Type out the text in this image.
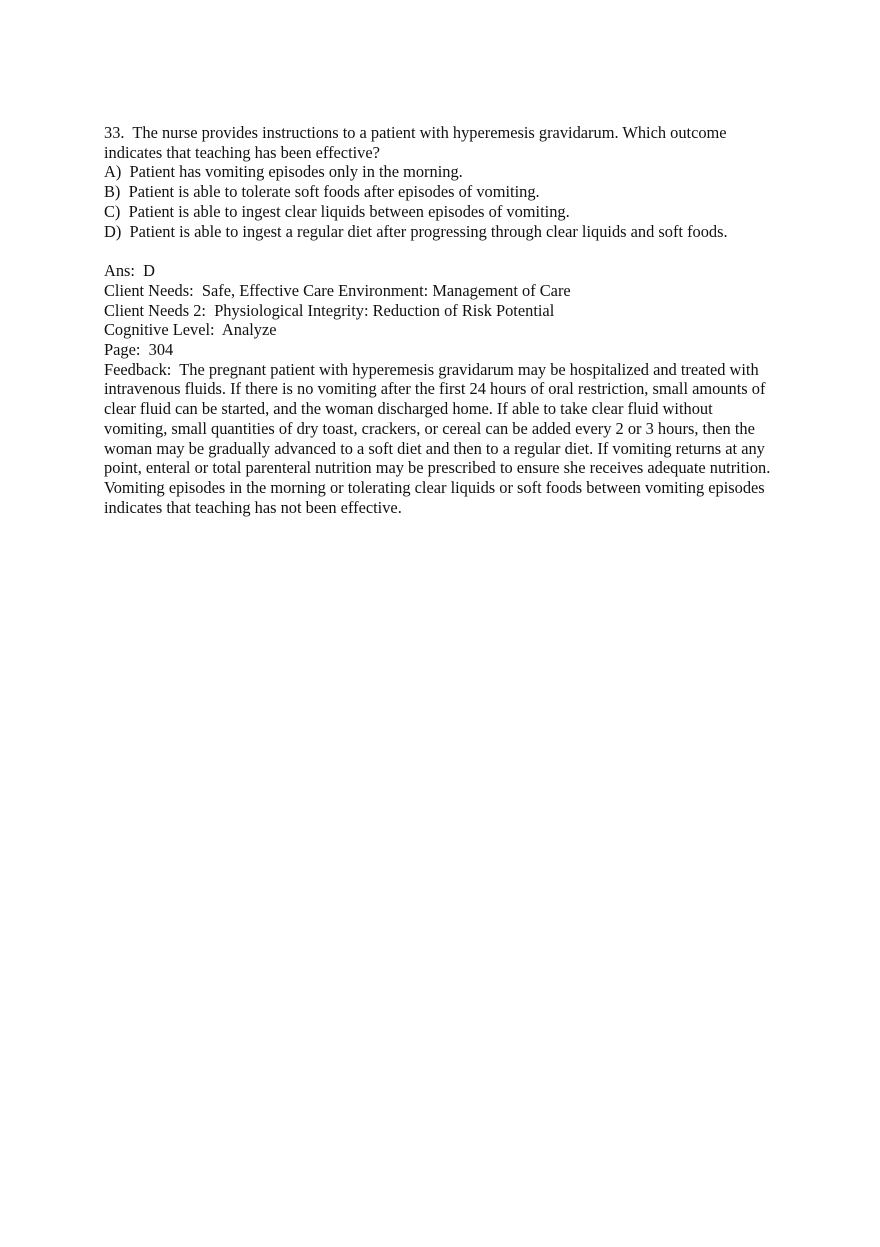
33. The nurse provides instructions to a patient with hyperemesis gravidarum. Which outcome indicates that teaching has been effective?

A) Patient has vomiting episodes only in the morning.
B) Patient is able to tolerate soft foods after episodes of vomiting.
C) Patient is able to ingest clear liquids between episodes of vomiting.
D) Patient is able to ingest a regular diet after progressing through clear liquids and soft foods.

Ans: D

Client Needs: Safe, Effective Care Environment: Management of Care

Client Needs 2: Physiological Integrity: Reduction of Risk Potential

Cognitive Level: Analyze

Page: 304

Feedback: The pregnant patient with hyperemesis gravidarum may be hospitalized and treated with intravenous fluids. If there is no vomiting after the first 24 hours of oral restriction, small amounts of clear fluid can be started, and the woman discharged home. If able to take clear fluid without vomiting, small quantities of dry toast, crackers, or cereal can be added every 2 or 3 hours, then the woman may be gradually advanced to a soft diet and then to a regular diet. If vomiting returns at any point, enteral or total parenteral nutrition may be prescribed to ensure she receives adequate nutrition. Vomiting episodes in the morning or tolerating clear liquids or soft foods between vomiting episodes indicates that teaching has not been effective.
